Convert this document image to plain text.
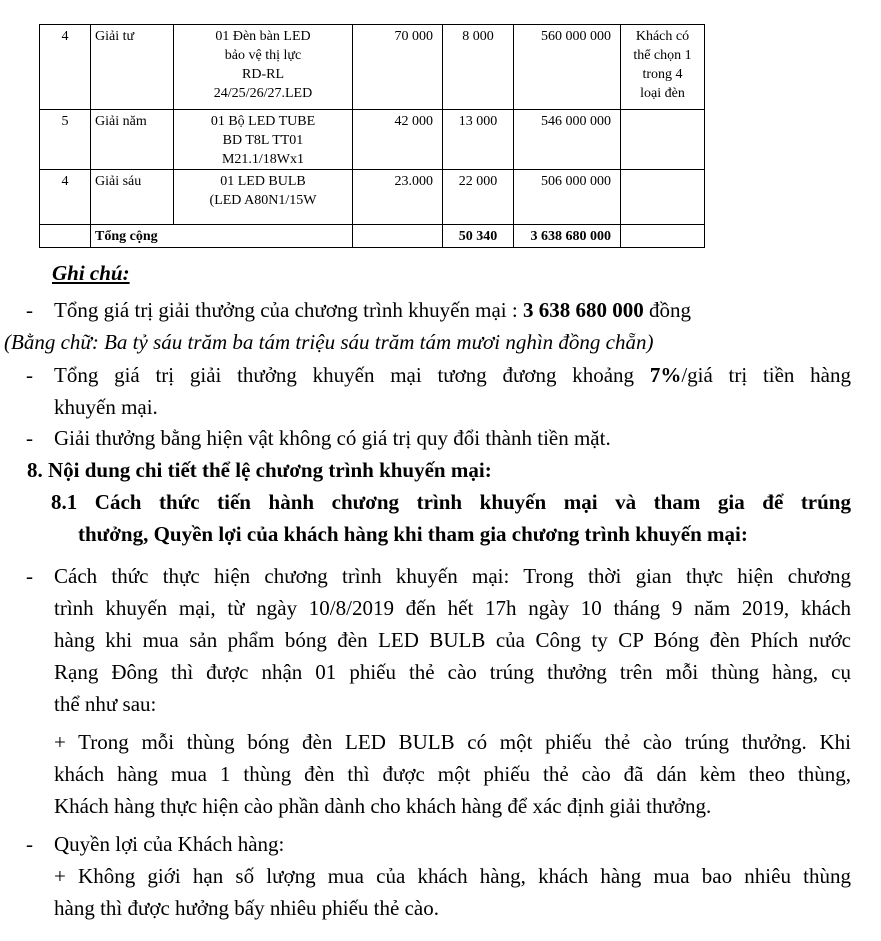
4	Giải tư	01 Đèn bàn LED
bảo vệ thị lực
RD-RL
24/25/26/27.LED	70 000	8 000	560 000 000	Khách có
thể chọn 1
trong 4
loại đèn
5	Giải năm	01 Bộ LED TUBE
BD T8L TT01
M21.1/18Wx1	42 000	13 000	546 000 000	
4	Giải sáu	01 LED BULB
(LED A80N1/15W	23.000	22 000	506 000 000	
	Tổng cộng			50 340	3 638 680 000	
Ghi chú:
- Tổng giá trị giải thưởng của chương trình khuyến mại : 3 638 680 000 đồng
(Bằng chữ: Ba tỷ sáu trăm ba tám triệu sáu trăm tám mươi nghìn đồng chẵn)
- Tổng giá trị giải thưởng khuyến mại tương đương khoảng 7%/giá trị tiền hàng
khuyến mại.
- Giải thưởng bằng hiện vật không có giá trị quy đổi thành tiền mặt.
8. Nội dung chi tiết thể lệ chương trình khuyến mại:
8.1 Cách thức tiến hành chương trình khuyến mại và tham gia để trúng
thưởng, Quyền lợi của khách hàng khi tham gia chương trình khuyến mại:
- Cách thức thực hiện chương trình khuyến mại: Trong thời gian thực hiện chương
trình khuyến mại, từ ngày 10/8/2019 đến hết 17h ngày 10 tháng 9 năm 2019, khách
hàng khi mua sản phẩm bóng đèn LED BULB của Công ty CP Bóng đèn Phích nước
Rạng Đông thì được nhận 01 phiếu thẻ cào trúng thưởng trên mỗi thùng hàng, cụ
thể như sau:
+ Trong mỗi thùng bóng đèn LED BULB có một phiếu thẻ cào trúng thưởng. Khi
khách hàng mua 1 thùng đèn thì được một phiếu thẻ cào đã dán kèm theo thùng,
Khách hàng thực hiện cào phần dành cho khách hàng để xác định giải thưởng.
- Quyền lợi của Khách hàng:
+ Không giới hạn số lượng mua của khách hàng, khách hàng mua bao nhiêu thùng
hàng thì được hưởng bấy nhiêu phiếu thẻ cào.
